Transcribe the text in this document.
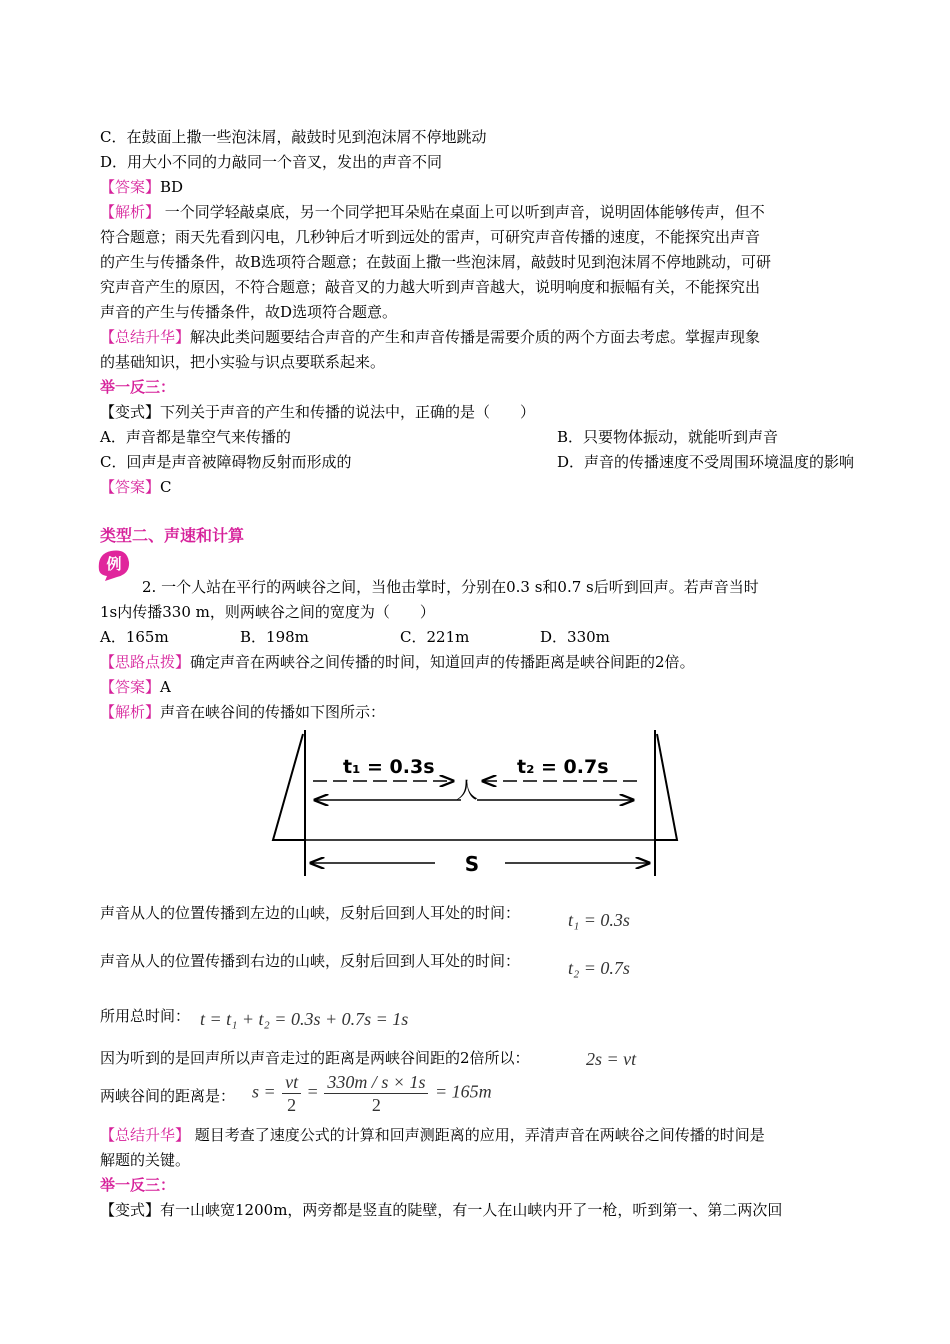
C．在鼓面上撒一些泡沫屑，敲鼓时见到泡沫屑不停地跳动
D．用大小不同的力敲同一个音叉，发出的声音不同
【答案】BD
【解析】 一个同学轻敲桌底，另一个同学把耳朵贴在桌面上可以听到声音，说明固体能够传声，但不
符合题意；雨天先看到闪电，几秒钟后才听到远处的雷声，可研究声音传播的速度，不能探究出声音
的产生与传播条件，故B选项符合题意；在鼓面上撒一些泡沫屑，敲鼓时见到泡沫屑不停地跳动，可研
究声音产生的原因，不符合题意；敲音叉的力越大听到声音越大，说明响度和振幅有关，不能探究出
声音的产生与传播条件，故D选项符合题意。
【总结升华】解决此类问题要结合声音的产生和声音传播是需要介质的两个方面去考虑。掌握声现象
的基础知识，把小实验与识点要联系起来。
举一反三：
【变式】下列关于声音的产生和传播的说法中，正确的是（　　）
A．声音都是靠空气来传播的	B．只要物体振动，就能听到声音
C．回声是声音被障碍物反射而形成的	D．声音的传播速度不受周围环境温度的影响
【答案】C
类型二、声速和计算
例
2. 一个人站在平行的两峡谷之间，当他击掌时，分别在0.3 s和0.7 s后听到回声。若声音当时
1s内传播330 m，则两峡谷之间的宽度为（　　）
A．165m	B．198m	C．221m	D．330m
【思路点拨】确定声音在两峡谷之间传播的时间，知道回声的传播距离是峡谷间距的2倍。
【答案】A
【解析】声音在峡谷间的传播如下图所示：
t₁ = 0.3s	t₂ = 0.7s
人
S
声音从人的位置传播到左边的山峡，反射后回到人耳处的时间：	t₁ = 0.3s
声音从人的位置传播到右边的山峡，反射后回到人耳处的时间：	t₂ = 0.7s
所用总时间： t = t₁ + t₂ = 0.3s + 0.7s = 1s
因为听到的是回声所以声音走过的距离是两峡谷间距的2倍所以：	2s = vt
两峡谷间的距离是： $s = \frac{vt}{2} = \frac{330m / s \times 1s}{2} = 165m$
【总结升华】 题目考查了速度公式的计算和回声测距离的应用，弄清声音在两峡谷之间传播的时间是
解题的关键。
举一反三：
【变式】有一山峡宽1200m，两旁都是竖直的陡壁，有一人在山峡内开了一枪，听到第一、第二两次回
